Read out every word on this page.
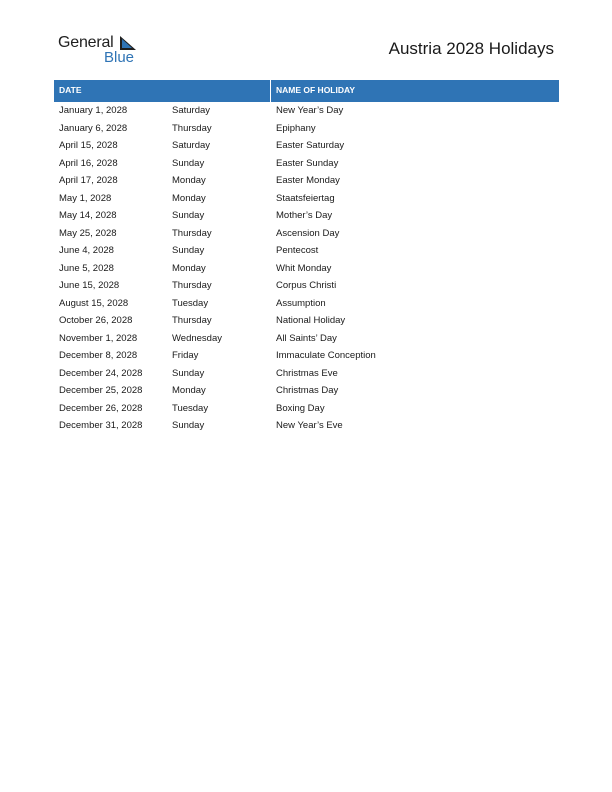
General
Blue	Austria 2028 Holidays
DATE	NAME OF HOLIDAY
January 1, 2028	Saturday	New Year’s Day
January 6, 2028	Thursday	Epiphany
April 15, 2028	Saturday	Easter Saturday
April 16, 2028	Sunday	Easter Sunday
April 17, 2028	Monday	Easter Monday
May 1, 2028	Monday	Staatsfeiertag
May 14, 2028	Sunday	Mother’s Day
May 25, 2028	Thursday	Ascension Day
June 4, 2028	Sunday	Pentecost
June 5, 2028	Monday	Whit Monday
June 15, 2028	Thursday	Corpus Christi
August 15, 2028	Tuesday	Assumption
October 26, 2028	Thursday	National Holiday
November 1, 2028	Wednesday	All Saints’ Day
December 8, 2028	Friday	Immaculate Conception
December 24, 2028	Sunday	Christmas Eve
December 25, 2028	Monday	Christmas Day
December 26, 2028	Tuesday	Boxing Day
December 31, 2028	Sunday	New Year’s Eve
